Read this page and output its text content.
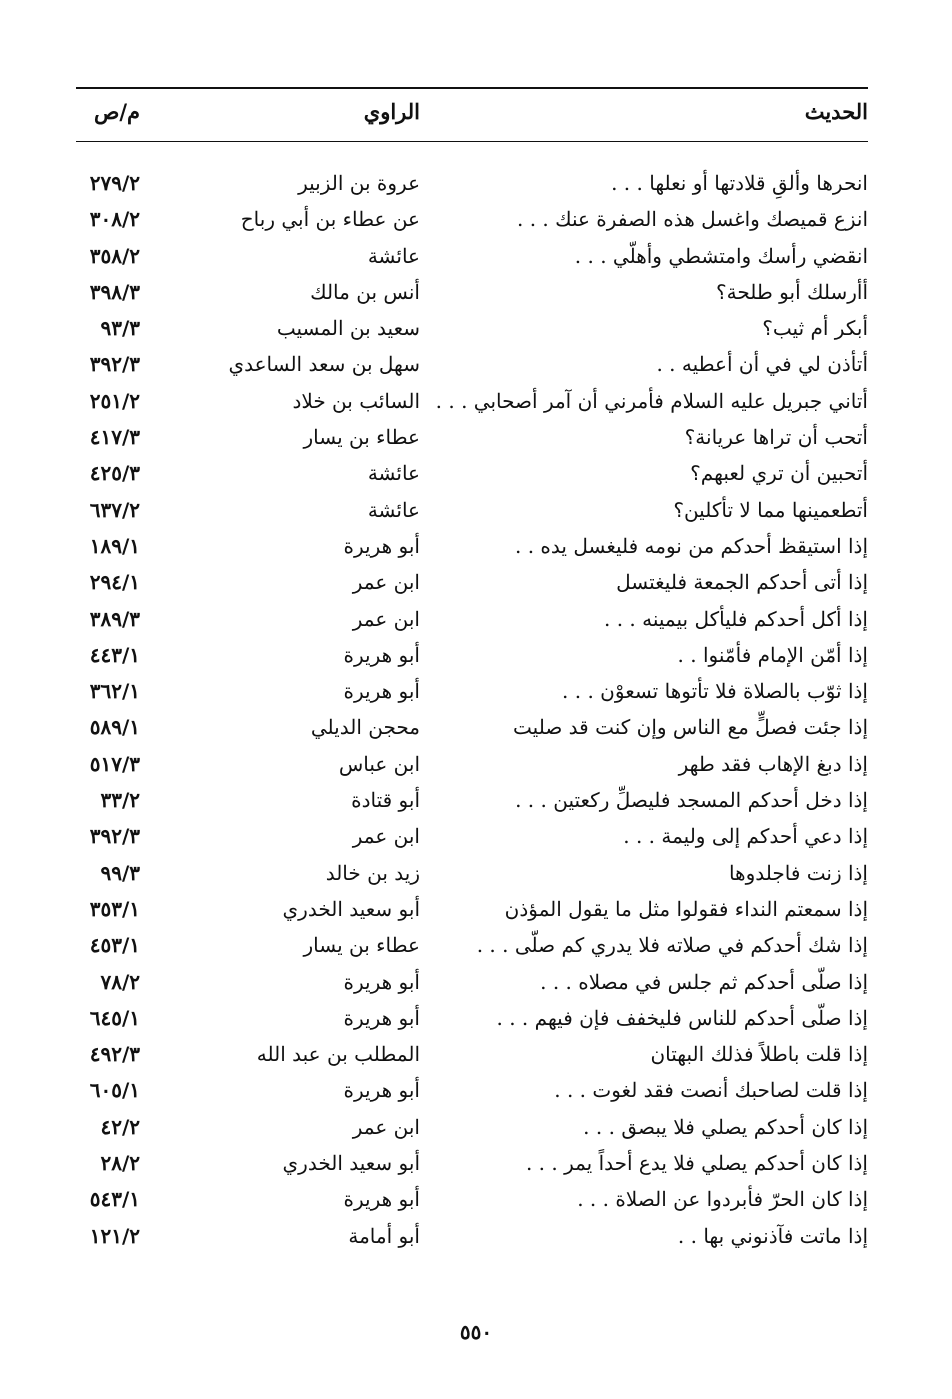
الحديث
الراوي
م/ص
انحرها وألقِ قلادتها أو نعلها . . .
عروة بن الزبير
٢٧٩/٢
انزع قميصك واغسل هذه الصفرة عنك . . .
عن عطاء بن أبي رباح
٣٠٨/٢
انقضي رأسك وامتشطي وأهلّي . . .
عائشة
٣٥٨/٢
أأرسلك أبو طلحة؟
أنس بن مالك
٣٩٨/٣
أبكر أم ثيب؟
سعيد بن المسيب
٩٣/٣
أتأذن لي في أن أعطيه . .
سهل بن سعد الساعدي
٣٩٢/٣
أتاني جبريل عليه السلام فأمرني أن آمر أصحابي . . .
السائب بن خلاد
٢٥١/٢
أتحب أن تراها عريانة؟
عطاء بن يسار
٤١٧/٣
أتحبين أن تري لعبهم؟
عائشة
٤٢٥/٣
أتطعمينها مما لا تأكلين؟
عائشة
٦٣٧/٢
إذا استيقظ أحدكم من نومه فليغسل يده . .
أبو هريرة
١٨٩/١
إذا أتى أحدكم الجمعة فليغتسل
ابن عمر
٢٩٤/١
إذا أكل أحدكم فليأكل بيمينه . . .
ابن عمر
٣٨٩/٣
إذا أمّن الإمام فأمّنوا . .
أبو هريرة
٤٤٣/١
إذا ثوّب بالصلاة فلا تأتوها تسعوْن . . .
أبو هريرة
٣٦٢/١
إذا جئت فصلٍّ مع الناس وإن كنت قد صليت
محجن الديلي
٥٨٩/١
إذا دبغ الإهاب فقد طهر
ابن عباس
٥١٧/٣
إذا دخل أحدكم المسجد فليصلِّ ركعتين . . .
أبو قتادة
٣٣/٢
إذا دعي أحدكم إلى وليمة . . .
ابن عمر
٣٩٢/٣
إذا زنت فاجلدوها
زيد بن خالد
٩٩/٣
إذا سمعتم النداء فقولوا مثل ما يقول المؤذن
أبو سعيد الخدري
٣٥٣/١
إذا شك أحدكم في صلاته فلا يدري كم صلّى . . .
عطاء بن يسار
٤٥٣/١
إذا صلّى أحدكم ثم جلس في مصلاه . . .
أبو هريرة
٧٨/٢
إذا صلّى أحدكم للناس فليخفف فإن فيهم . . .
أبو هريرة
٦٤٥/١
إذا قلت باطلاً فذلك البهتان
المطلب بن عبد الله
٤٩٢/٣
إذا قلت لصاحبك أنصت فقد لغوت . . .
أبو هريرة
٦٠٥/١
إذا كان أحدكم يصلي فلا يبصق . . .
ابن عمر
٤٢/٢
إذا كان أحدكم يصلي فلا يدع أحداً يمر . . .
أبو سعيد الخدري
٢٨/٢
إذا كان الحرّ فأبردوا عن الصلاة . . .
أبو هريرة
٥٤٣/١
إذا ماتت فآذنوني بها . .
أبو أمامة
١٢١/٢
٥٥٠
